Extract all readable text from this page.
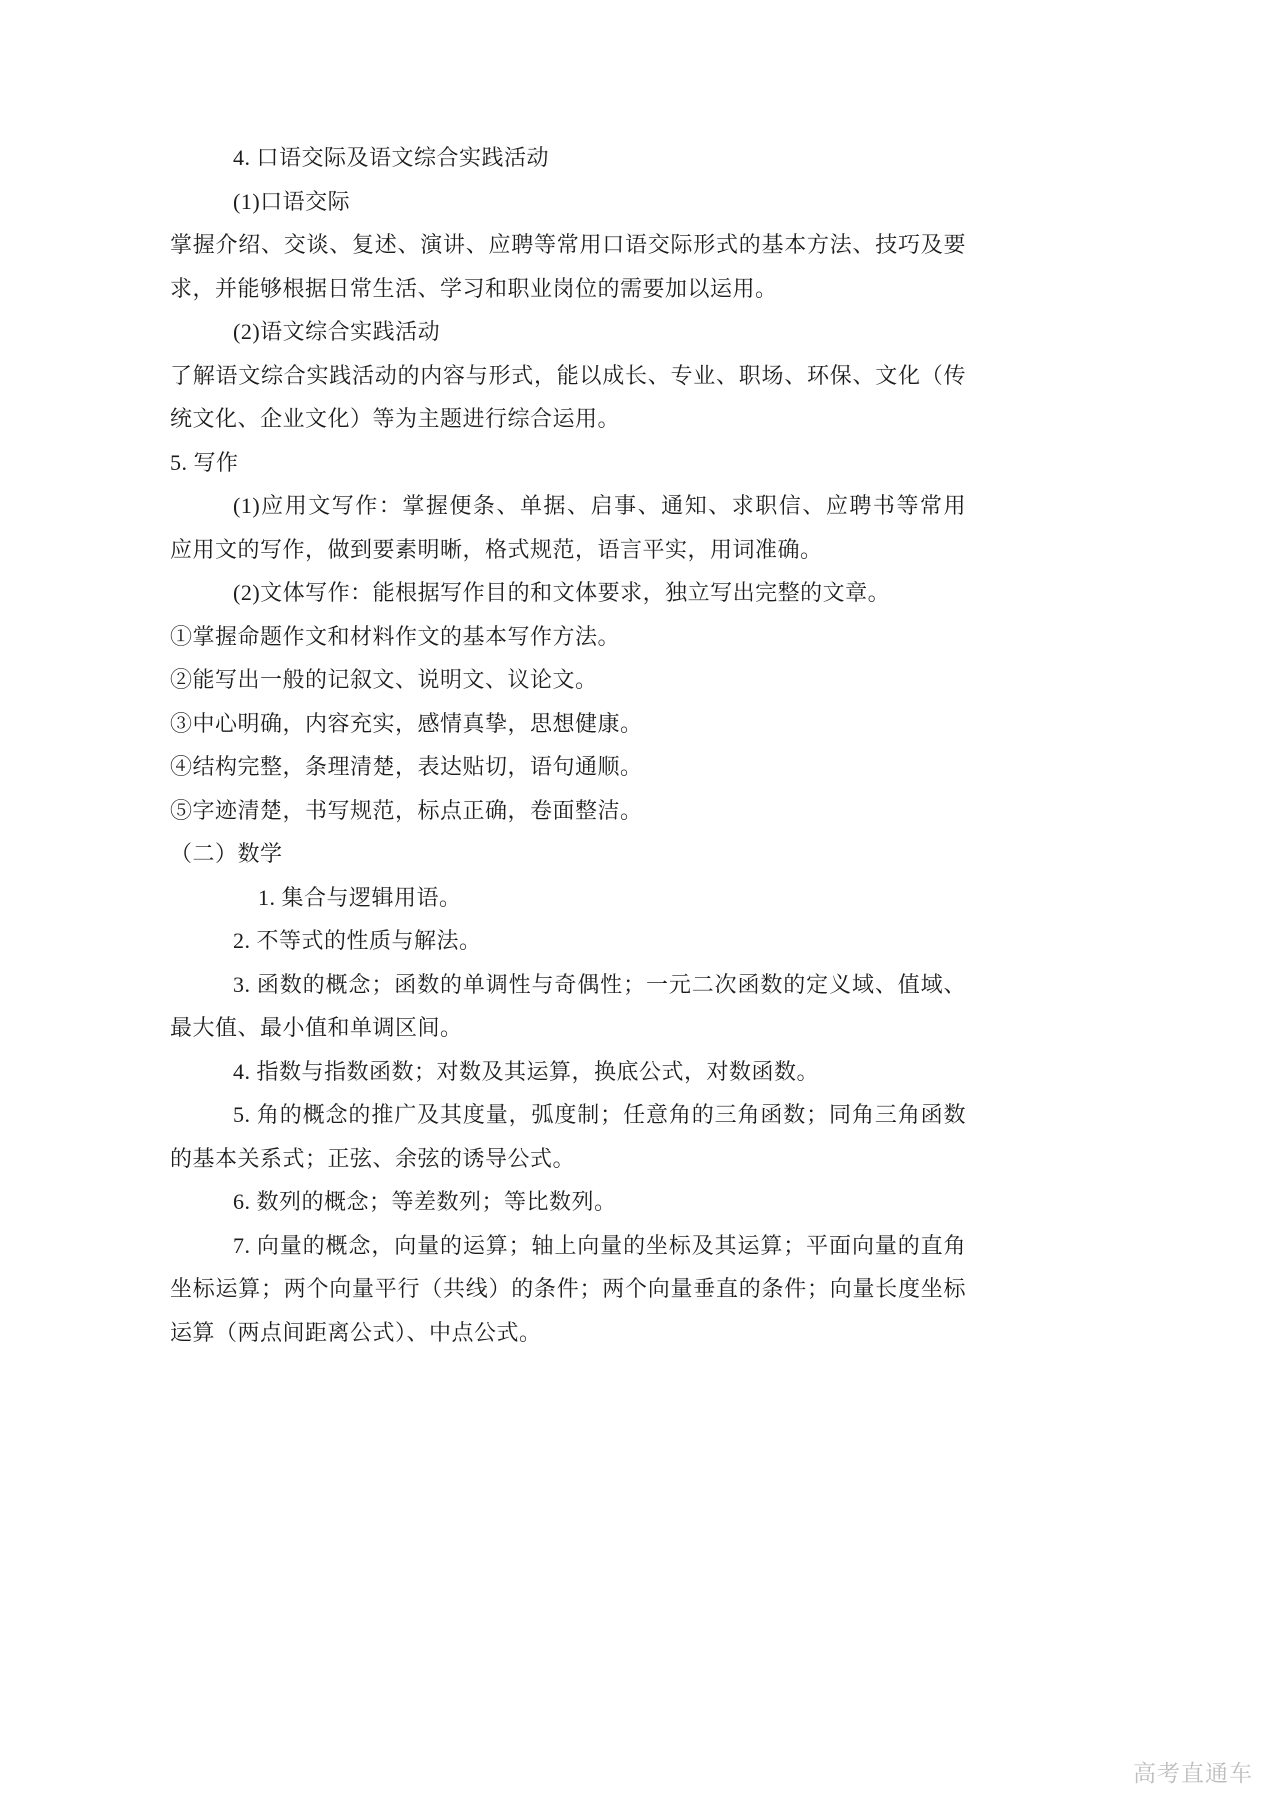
4. 口语交际及语文综合实践活动
(1)口语交际
掌握介绍、交谈、复述、演讲、应聘等常用口语交际形式的基本方法、技巧及要
求，并能够根据日常生活、学习和职业岗位的需要加以运用。
(2)语文综合实践活动
了解语文综合实践活动的内容与形式，能以成长、专业、职场、环保、文化（传
统文化、企业文化）等为主题进行综合运用。
5. 写作
(1)应用文写作：掌握便条、单据、启事、通知、求职信、应聘书等常用
应用文的写作，做到要素明晰，格式规范，语言平实，用词准确。
(2)文体写作：能根据写作目的和文体要求，独立写出完整的文章。
①掌握命题作文和材料作文的基本写作方法。
②能写出一般的记叙文、说明文、议论文。
③中心明确，内容充实，感情真挚，思想健康。
④结构完整，条理清楚，表达贴切，语句通顺。
⑤字迹清楚，书写规范，标点正确，卷面整洁。
（二）数学
1. 集合与逻辑用语。
2. 不等式的性质与解法。
3. 函数的概念；函数的单调性与奇偶性；一元二次函数的定义域、值域、
最大值、最小值和单调区间。
4. 指数与指数函数；对数及其运算，换底公式，对数函数。
5. 角的概念的推广及其度量，弧度制；任意角的三角函数；同角三角函数
的基本关系式；正弦、余弦的诱导公式。
6. 数列的概念；等差数列；等比数列。
7. 向量的概念，向量的运算；轴上向量的坐标及其运算；平面向量的直角
坐标运算；两个向量平行（共线）的条件；两个向量垂直的条件；向量长度坐标
运算（两点间距离公式）、中点公式。
高考直通车
